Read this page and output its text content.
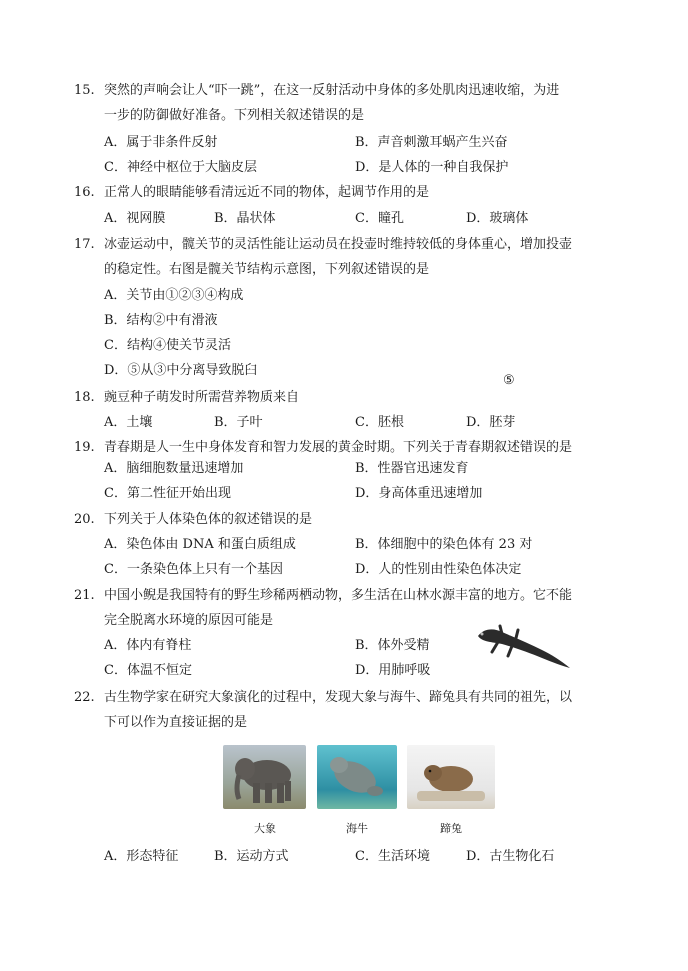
15. 突然的声响会让人“吓一跳”，在这一反射活动中身体的多处肌肉迅速收缩，为进
一步的防御做好准备。下列相关叙述错误的是
A．属于非条件反射	B．声音刺激耳蜗产生兴奋
C．神经中枢位于大脑皮层	D．是人体的一种自我保护
16. 正常人的眼睛能够看清远近不同的物体，起调节作用的是
A．视网膜	B．晶状体	C．瞳孔	D．玻璃体
17. 冰壶运动中，髋关节的灵活性能让运动员在投壶时维持较低的身体重心，增加投壶
的稳定性。右图是髋关节结构示意图，下列叙述错误的是
A．关节由①②③④构成
B．结构②中有滑液
C．结构④使关节灵活
D．⑤从③中分离导致脱臼
⑤
18. 豌豆种子萌发时所需营养物质来自
A．土壤	B．子叶	C．胚根	D．胚芽
19. 青春期是人一生中身体发育和智力发展的黄金时期。下列关于青春期叙述错误的是
A．脑细胞数量迅速增加	B．性器官迅速发育
C．第二性征开始出现	D．身高体重迅速增加
20. 下列关于人体染色体的叙述错误的是
A．染色体由 DNA 和蛋白质组成	B．体细胞中的染色体有 23 对
C．一条染色体上只有一个基因	D．人的性别由性染色体决定
21. 中国小鲵是我国特有的野生珍稀两栖动物，多生活在山林水源丰富的地方。它不能
完全脱离水环境的原因可能是
A．体内有脊柱	B．体外受精
C．体温不恒定	D．用肺呼吸
22. 古生物学家在研究大象演化的过程中，发现大象与海牛、蹄兔具有共同的祖先，以
下可以作为直接证据的是
大象	海牛	蹄兔
A．形态特征	B．运动方式	C．生活环境	D．古生物化石
